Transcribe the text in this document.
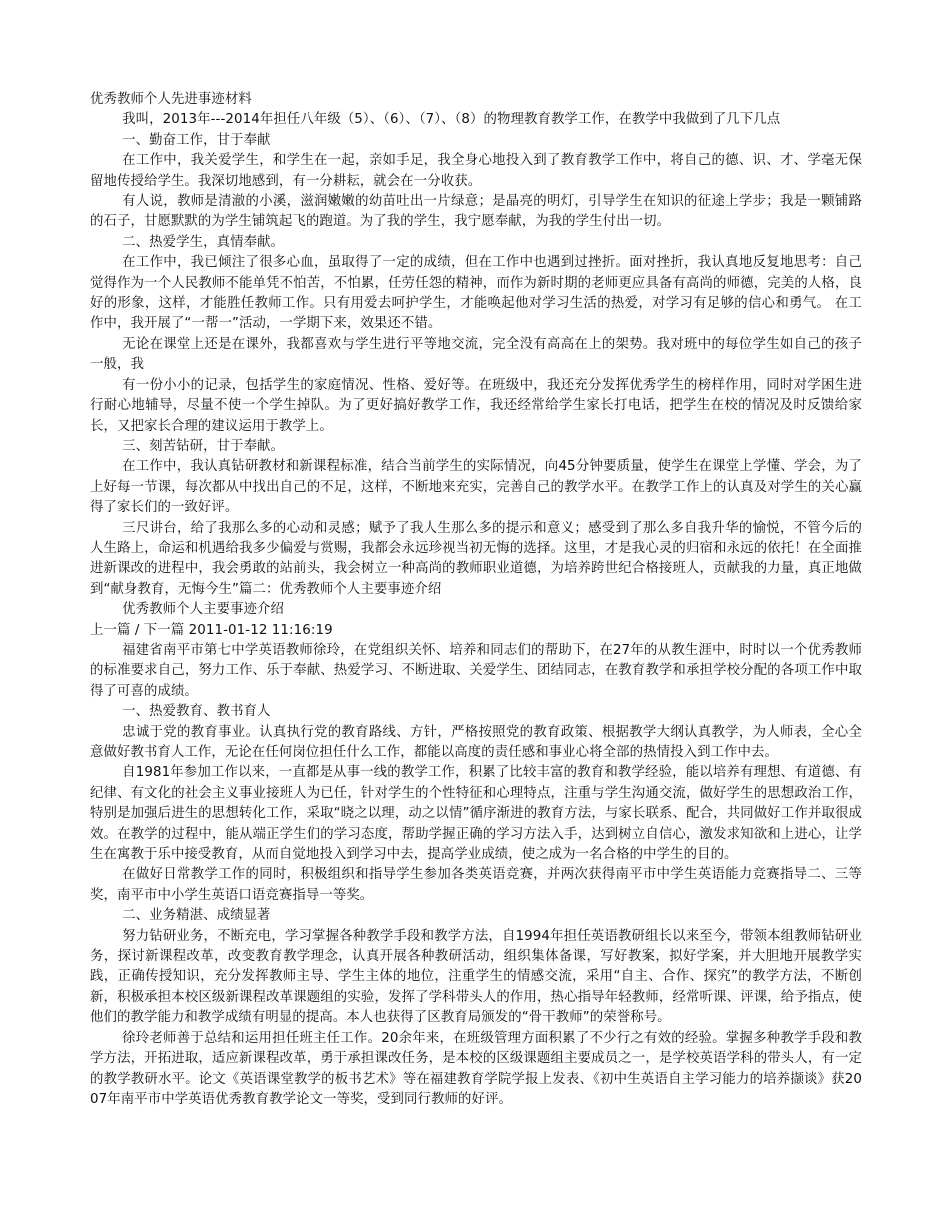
优秀教师个人先进事迹材料

我叫，2013年---2014年担任八年级（5）、（6）、（7）、（8）的物理教育教学工作，在教学中我做到了几下几点

一、勤奋工作，甘于奉献

在工作中，我关爱学生，和学生在一起，亲如手足，我全身心地投入到了教育教学工作中，将自己的德、识、才、学毫无保留地传授给学生。我深切地感到，有一分耕耘，就会在一分收获。

有人说，教师是清澈的小溪，滋润嫩嫩的幼苗吐出一片绿意；是晶亮的明灯，引导学生在知识的征途上学步；我是一颗铺路的石子，甘愿默默的为学生铺筑起飞的跑道。为了我的学生，我宁愿奉献，为我的学生付出一切。

二、热爱学生，真情奉献。

在工作中，我已倾注了很多心血，虽取得了一定的成绩，但在工作中也遇到过挫折。面对挫折，我认真地反复地思考：自己觉得作为一个人民教师不能单凭不怕苦，不怕累，任劳任怨的精神，而作为新时期的老师更应具备有高尚的师德，完美的人格，良好的形象，这样，才能胜任教师工作。只有用爱去呵护学生，才能唤起他对学习生活的热爱，对学习有足够的信心和勇气。 在工作中，我开展了“一帮一”活动，一学期下来，效果还不错。

无论在课堂上还是在课外，我都喜欢与学生进行平等地交流，完全没有高高在上的架势。我对班中的每位学生如自己的孩子一般，我

有一份小小的记录，包括学生的家庭情况、性格、爱好等。在班级中，我还充分发挥优秀学生的榜样作用，同时对学困生进行耐心地辅导，尽量不使一个学生掉队。为了更好搞好教学工作，我还经常给学生家长打电话，把学生在校的情况及时反馈给家长，又把家长合理的建议运用于教学上。

三、刻苦钻研，甘于奉献。

在工作中，我认真钻研教材和新课程标准，结合当前学生的实际情况，向45分钟要质量，使学生在课堂上学懂、学会，为了上好每一节课，每次都从中找出自己的不足，这样，不断地来充实，完善自己的教学水平。在教学工作上的认真及对学生的关心赢得了家长们的一致好评。

三尺讲台，给了我那么多的心动和灵感；赋予了我人生那么多的提示和意义；感受到了那么多自我升华的愉悦，不管今后的人生路上，命运和机遇给我多少偏爱与赏赐，我都会永远珍视当初无悔的选择。这里，才是我心灵的归宿和永远的依托！在全面推进新课改的进程中，我会勇敢的站前头，我会树立一种高尚的教师职业道德，为培养跨世纪合格接班人，贡献我的力量，真正地做到“献身教育，无悔今生”篇二：优秀教师个人主要事迹介绍

优秀教师个人主要事迹介绍

上一篇 / 下一篇 2011-01-12 11:16:19

福建省南平市第七中学英语教师徐玲，在党组织关怀、培养和同志们的帮助下，在27年的从教生涯中，时时以一个优秀教师的标准要求自己，努力工作、乐于奉献、热爱学习、不断进取、关爱学生、团结同志，在教育教学和承担学校分配的各项工作中取得了可喜的成绩。

一、热爱教育、教书育人

忠诚于党的教育事业。认真执行党的教育路线、方针，严格按照党的教育政策、根据教学大纲认真教学，为人师表，全心全意做好教书育人工作，无论在任何岗位担任什么工作，都能以高度的责任感和事业心将全部的热情投入到工作中去。

自1981年参加工作以来，一直都是从事一线的教学工作，积累了比较丰富的教育和教学经验，能以培养有理想、有道德、有纪律、有文化的社会主义事业接班人为已任，针对学生的个性特征和心理特点，注重与学生沟通交流，做好学生的思想政治工作，特别是加强后进生的思想转化工作，采取“晓之以理，动之以情”循序渐进的教育方法，与家长联系、配合，共同做好工作并取很成效。在教学的过程中，能从端正学生们的学习态度，帮助学握正确的学习方法入手，达到树立自信心，激发求知欲和上进心，让学生在寓教于乐中接受教育，从而自觉地投入到学习中去，提高学业成绩，使之成为一名合格的中学生的目的。

在做好日常教学工作的同时，积极组织和指导学生参加各类英语竞赛，并两次获得南平市中学生英语能力竞赛指导二、三等奖，南平市中小学生英语口语竞赛指导一等奖。

二、业务精湛、成绩显著

努力钻研业务，不断充电，学习掌握各种教学手段和教学方法，自1994年担任英语教研组长以来至今，带领本组教师钻研业务，探讨新课程改革，改变教育教学理念，认真开展各种教研活动，组织集体备课，写好教案，拟好学案，并大胆地开展教学实践，正确传授知识，充分发挥教师主导、学生主体的地位，注重学生的情感交流，采用“自主、合作、探究”的教学方法，不断创新，积极承担本校区级新课程改革课题组的实验，发挥了学科带头人的作用，热心指导年轻教师，经常听课、评课，给予指点，使他们的教学能力和教学成绩有明显的提高。本人也获得了区教育局颁发的“骨干教师”的荣誉称号。

徐玲老师善于总结和运用担任班主任工作。20余年来，在班级管理方面积累了不少行之有效的经验。掌握多种教学手段和教学方法，开拓进取，适应新课程改革，勇于承担课改任务，是本校的区级课题组主要成员之一，是学校英语学科的带头人，有一定的教学教研水平。论文《英语课堂教学的板书艺术》等在福建教育学院学报上发表、《初中生英语自主学习能力的培养撷谈》获2007年南平市中学英语优秀教育教学论文一等奖，受到同行教师的好评。
